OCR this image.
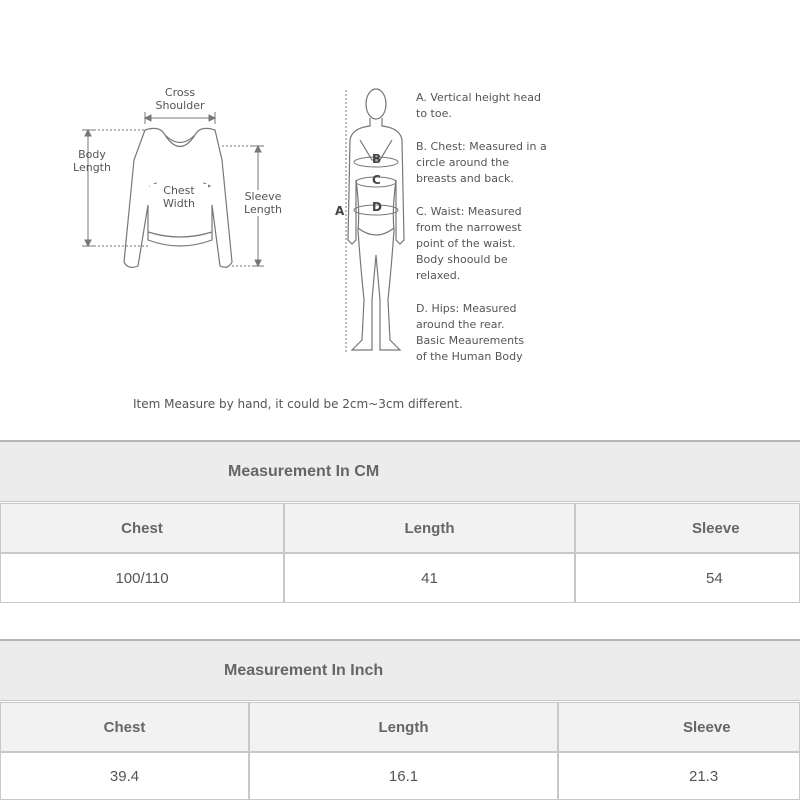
Cross
Shoulder
Body
Length
Chest
Width
Sleeve
Length	A
B
C
D
A. Vertical height head
to toe.
B. Chest: Measured in a
circle around the
breasts and back.
C. Waist: Measured
from the narrowest
point of the waist.
Body shoould be
relaxed.
D. Hips: Measured
around the rear.
Basic Meaurements
of the Human Body
Item Measure by hand, it could be 2cm~3cm different.
Measurement In CM
Chest	Length	Sleeve
100/110	41	54
Measurement In Inch
Chest	Length	Sleeve
39.4	16.1	21.3
